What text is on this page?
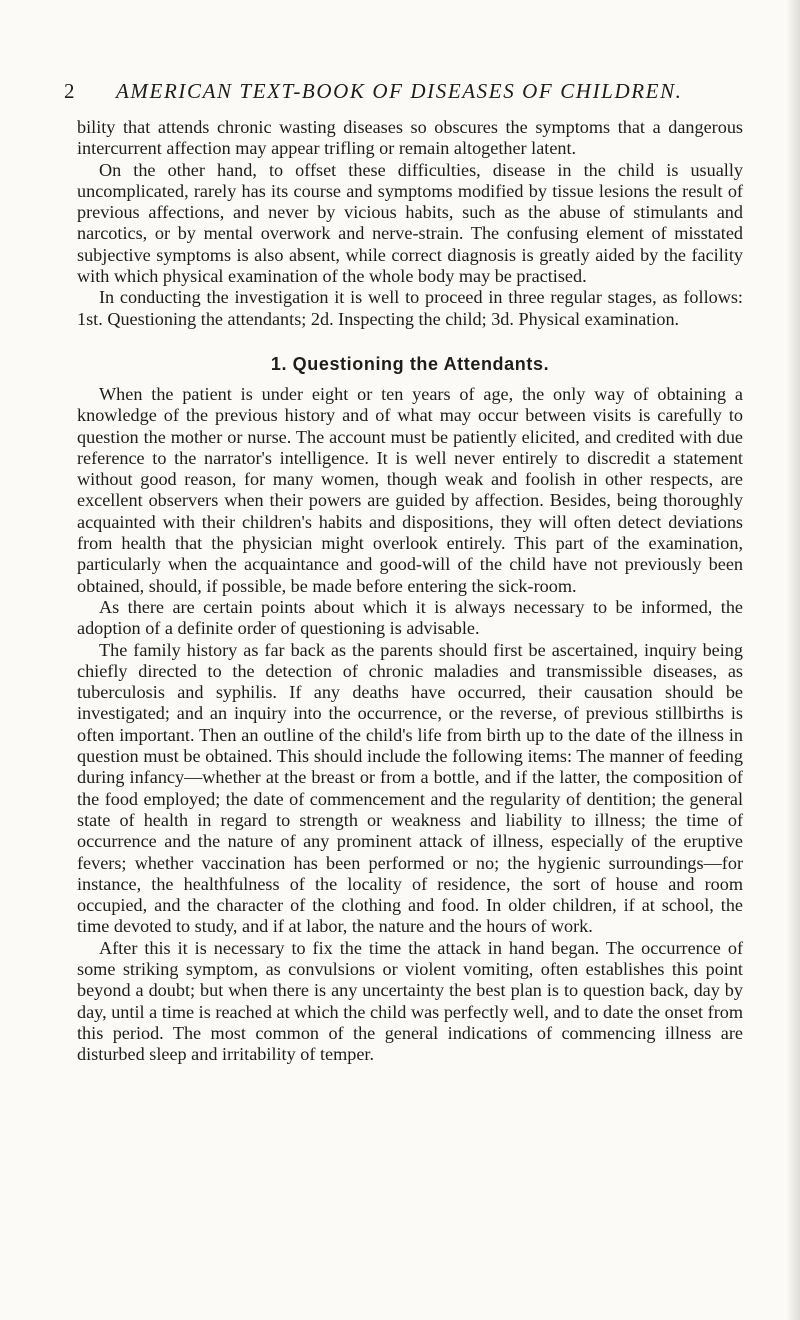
2 AMERICAN TEXT-BOOK OF DISEASES OF CHILDREN.

bility that attends chronic wasting diseases so obscures the symptoms that a dangerous intercurrent affection may appear trifling or remain altogether latent.

On the other hand, to offset these difficulties, disease in the child is usually uncomplicated, rarely has its course and symptoms modified by tissue lesions the result of previous affections, and never by vicious habits, such as the abuse of stimulants and narcotics, or by mental overwork and nerve-strain. The confusing element of misstated subjective symptoms is also absent, while correct diagnosis is greatly aided by the facility with which physical examination of the whole body may be practised.

In conducting the investigation it is well to proceed in three regular stages, as follows: 1st. Questioning the attendants; 2d. Inspecting the child; 3d. Physical examination.

1. Questioning the Attendants.

When the patient is under eight or ten years of age, the only way of obtaining a knowledge of the previous history and of what may occur between visits is carefully to question the mother or nurse. The account must be patiently elicited, and credited with due reference to the narrator's intelligence. It is well never entirely to discredit a statement without good reason, for many women, though weak and foolish in other respects, are excellent observers when their powers are guided by affection. Besides, being thoroughly acquainted with their children's habits and dispositions, they will often detect deviations from health that the physician might overlook entirely. This part of the examination, particularly when the acquaintance and good-will of the child have not previously been obtained, should, if possible, be made before entering the sick-room.

As there are certain points about which it is always necessary to be informed, the adoption of a definite order of questioning is advisable.

The family history as far back as the parents should first be ascertained, inquiry being chiefly directed to the detection of chronic maladies and transmissible diseases, as tuberculosis and syphilis. If any deaths have occurred, their causation should be investigated; and an inquiry into the occurrence, or the reverse, of previous stillbirths is often important. Then an outline of the child's life from birth up to the date of the illness in question must be obtained. This should include the following items: The manner of feeding during infancy—whether at the breast or from a bottle, and if the latter, the composition of the food employed; the date of commencement and the regularity of dentition; the general state of health in regard to strength or weakness and liability to illness; the time of occurrence and the nature of any prominent attack of illness, especially of the eruptive fevers; whether vaccination has been performed or no; the hygienic surroundings—for instance, the healthfulness of the locality of residence, the sort of house and room occupied, and the character of the clothing and food. In older children, if at school, the time devoted to study, and if at labor, the nature and the hours of work.

After this it is necessary to fix the time the attack in hand began. The occurrence of some striking symptom, as convulsions or violent vomiting, often establishes this point beyond a doubt; but when there is any uncertainty the best plan is to question back, day by day, until a time is reached at which the child was perfectly well, and to date the onset from this period. The most common of the general indications of commencing illness are disturbed sleep and irritability of temper.
